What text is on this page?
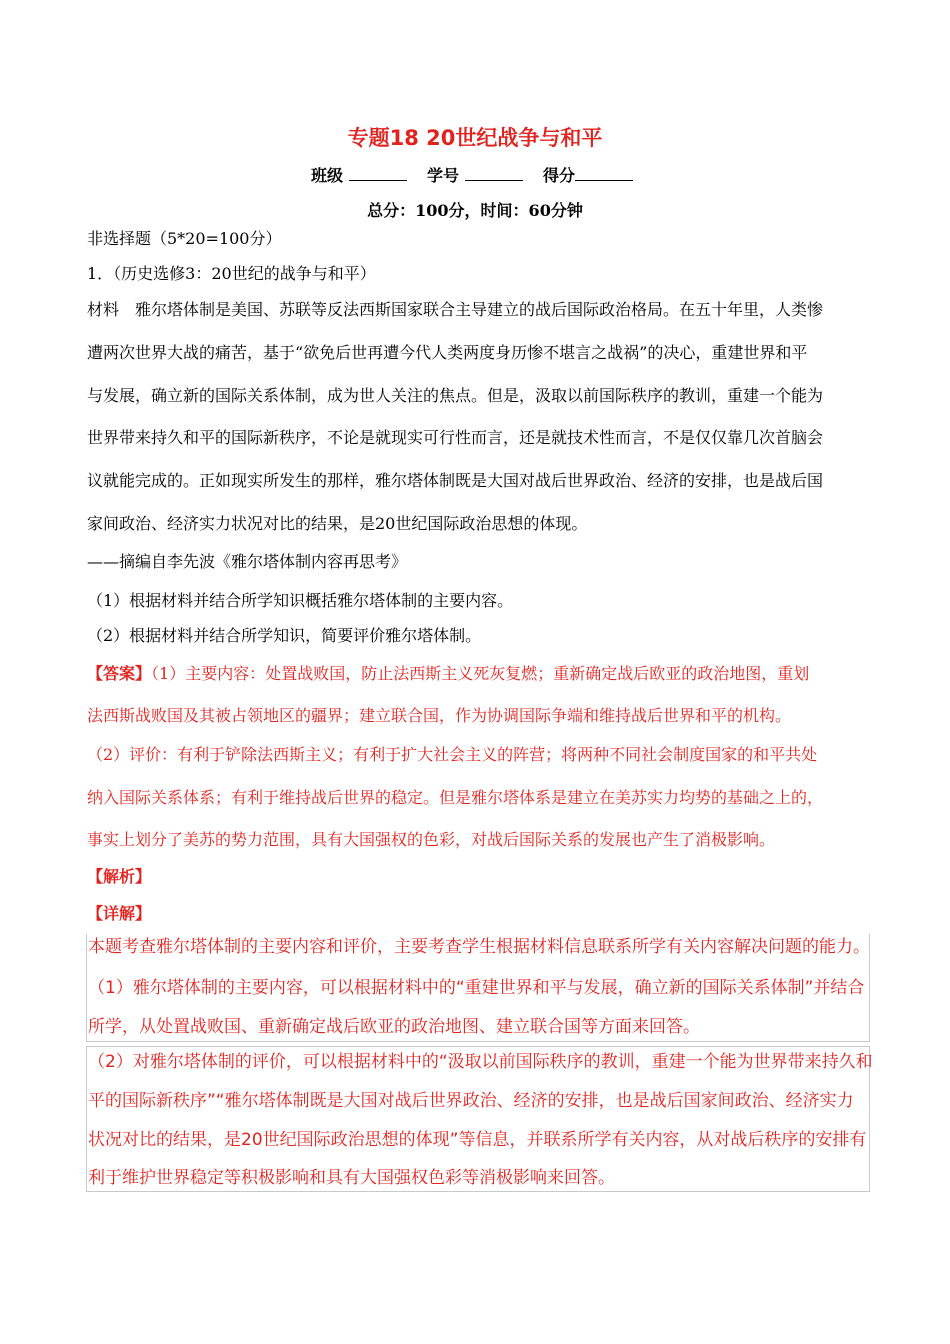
专题18 20世纪战争与和平
班级	学号	得分
总分：100分，时间：60分钟
非选择题（5*20=100分）
1．（历史选修3：20世纪的战争与和平）
材料　雅尔塔体制是美国、苏联等反法西斯国家联合主导建立的战后国际政治格局。在五十年里，人类惨
遭两次世界大战的痛苦，基于“欲免后世再遭今代人类两度身历惨不堪言之战祸”的决心，重建世界和平
与发展，确立新的国际关系体制，成为世人关注的焦点。但是，汲取以前国际秩序的教训，重建一个能为
世界带来持久和平的国际新秩序，不论是就现实可行性而言，还是就技术性而言，不是仅仅靠几次首脑会
议就能完成的。正如现实所发生的那样，雅尔塔体制既是大国对战后世界政治、经济的安排，也是战后国
家间政治、经济实力状况对比的结果，是20世纪国际政治思想的体现。
——摘编自李先波《雅尔塔体制内容再思考》
（1）根据材料并结合所学知识概括雅尔塔体制的主要内容。
（2）根据材料并结合所学知识，简要评价雅尔塔体制。
【答案】（1）主要内容：处置战败国，防止法西斯主义死灰复燃；重新确定战后欧亚的政治地图，重划
法西斯战败国及其被占领地区的疆界；建立联合国，作为协调国际争端和维持战后世界和平的机构。
（2）评价：有利于铲除法西斯主义；有利于扩大社会主义的阵营；将两种不同社会制度国家的和平共处
纳入国际关系体系；有利于维持战后世界的稳定。但是雅尔塔体系是建立在美苏实力均势的基础之上的，
事实上划分了美苏的势力范围，具有大国强权的色彩，对战后国际关系的发展也产生了消极影响。
【解析】
【详解】
本题考查雅尔塔体制的主要内容和评价，主要考查学生根据材料信息联系所学有关内容解决问题的能力。
（1）雅尔塔体制的主要内容，可以根据材料中的“重建世界和平与发展，确立新的国际关系体制”并结合
所学，从处置战败国、重新确定战后欧亚的政治地图、建立联合国等方面来回答。
（2）对雅尔塔体制的评价，可以根据材料中的“汲取以前国际秩序的教训，重建一个能为世界带来持久和
平的国际新秩序”“雅尔塔体制既是大国对战后世界政治、经济的安排，也是战后国家间政治、经济实力
状况对比的结果，是20世纪国际政治思想的体现”等信息，并联系所学有关内容，从对战后秩序的安排有
利于维护世界稳定等积极影响和具有大国强权色彩等消极影响来回答。
